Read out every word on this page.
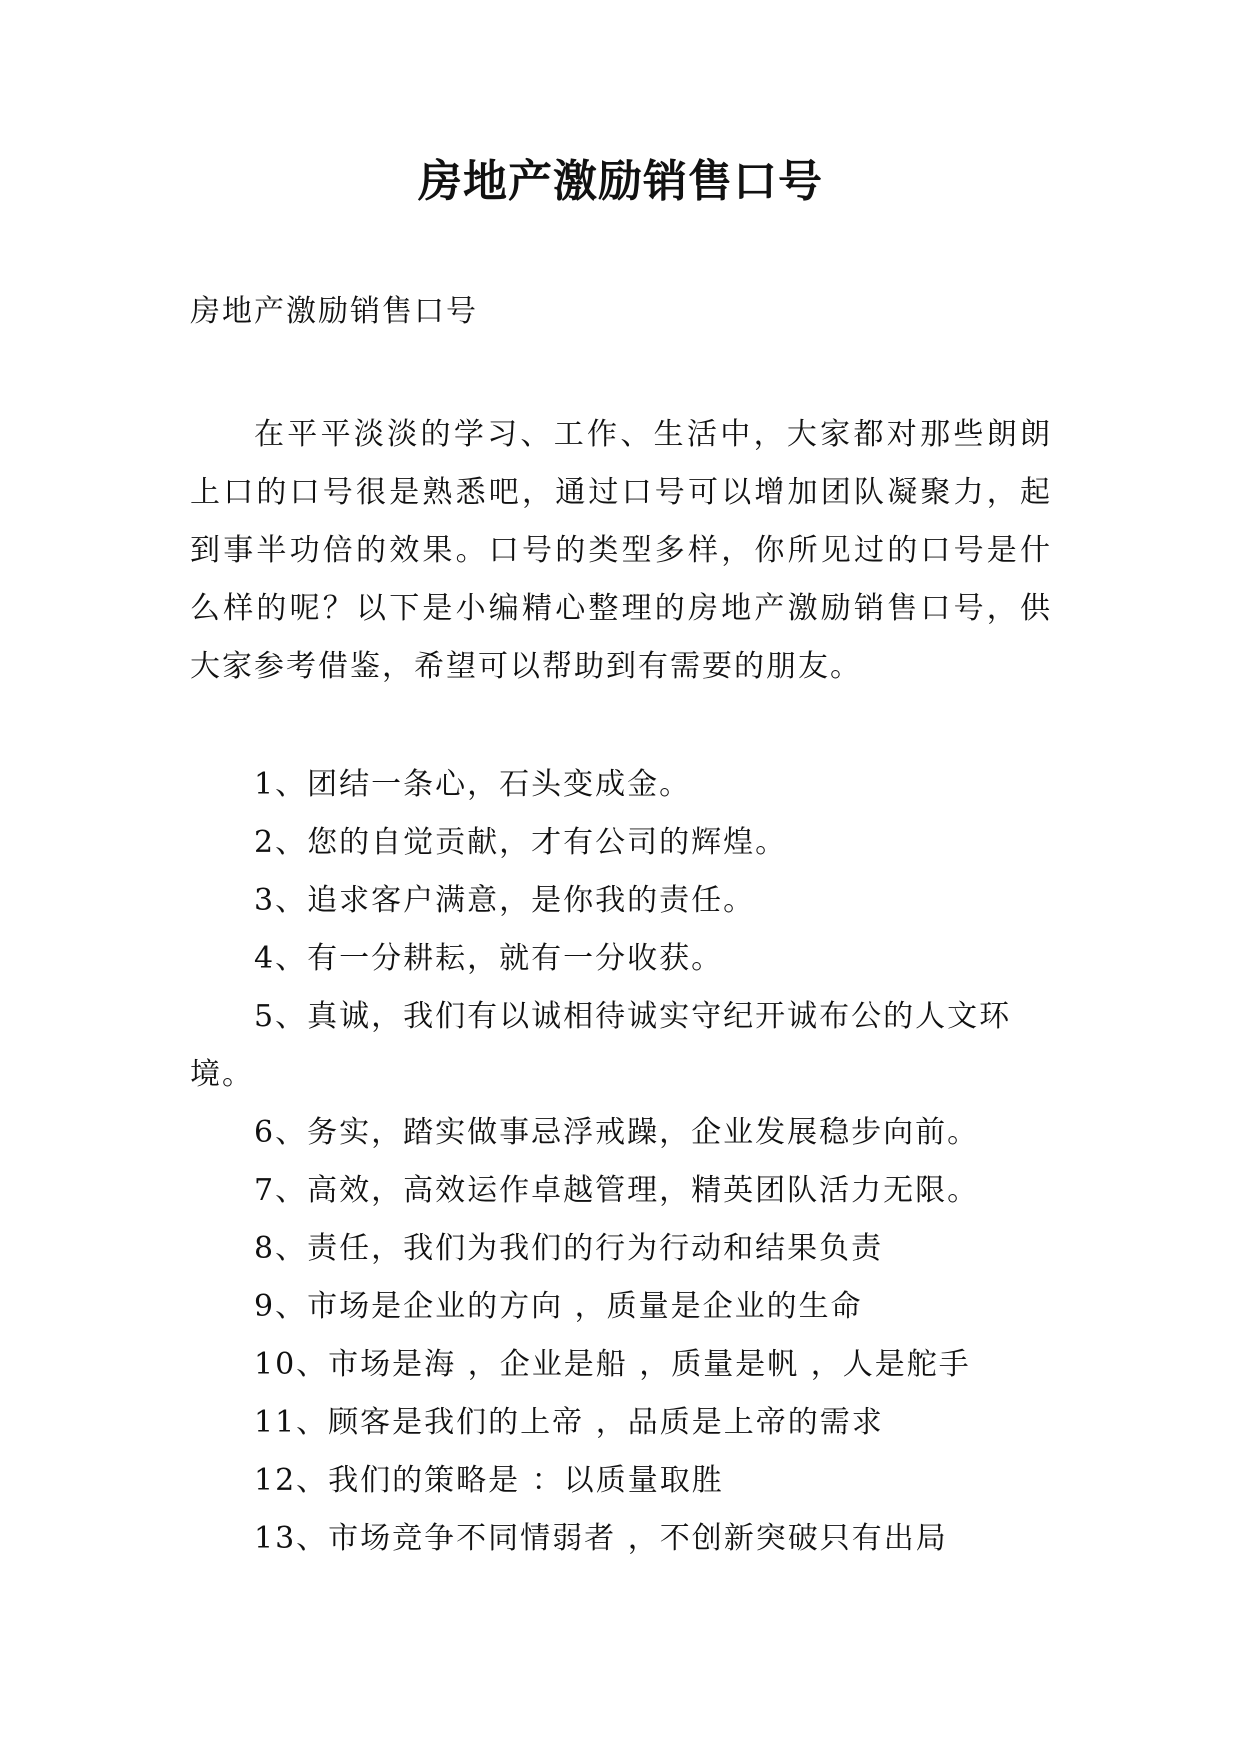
房地产激励销售口号

房地产激励销售口号

在平平淡淡的学习、工作、生活中，大家都对那些朗朗上口的口号很是熟悉吧，通过口号可以增加团队凝聚力，起到事半功倍的效果。口号的类型多样，你所见过的口号是什么样的呢？以下是小编精心整理的房地产激励销售口号，供大家参考借鉴，希望可以帮助到有需要的朋友。

1、团结一条心，石头变成金。
2、您的自觉贡献，才有公司的辉煌。
3、追求客户满意，是你我的责任。
4、有一分耕耘，就有一分收获。
5、真诚，我们有以诚相待诚实守纪开诚布公的人文环境。
6、务实，踏实做事忌浮戒躁，企业发展稳步向前。
7、高效，高效运作卓越管理，精英团队活力无限。
8、责任，我们为我们的行为行动和结果负责
9、市场是企业的方向 ，质量是企业的生命
10、市场是海 ，企业是船 ，质量是帆 ，人是舵手
11、顾客是我们的上帝 ，品质是上帝的需求
12、我们的策略是 ：以质量取胜
13、市场竞争不同情弱者 ，不创新突破只有出局
